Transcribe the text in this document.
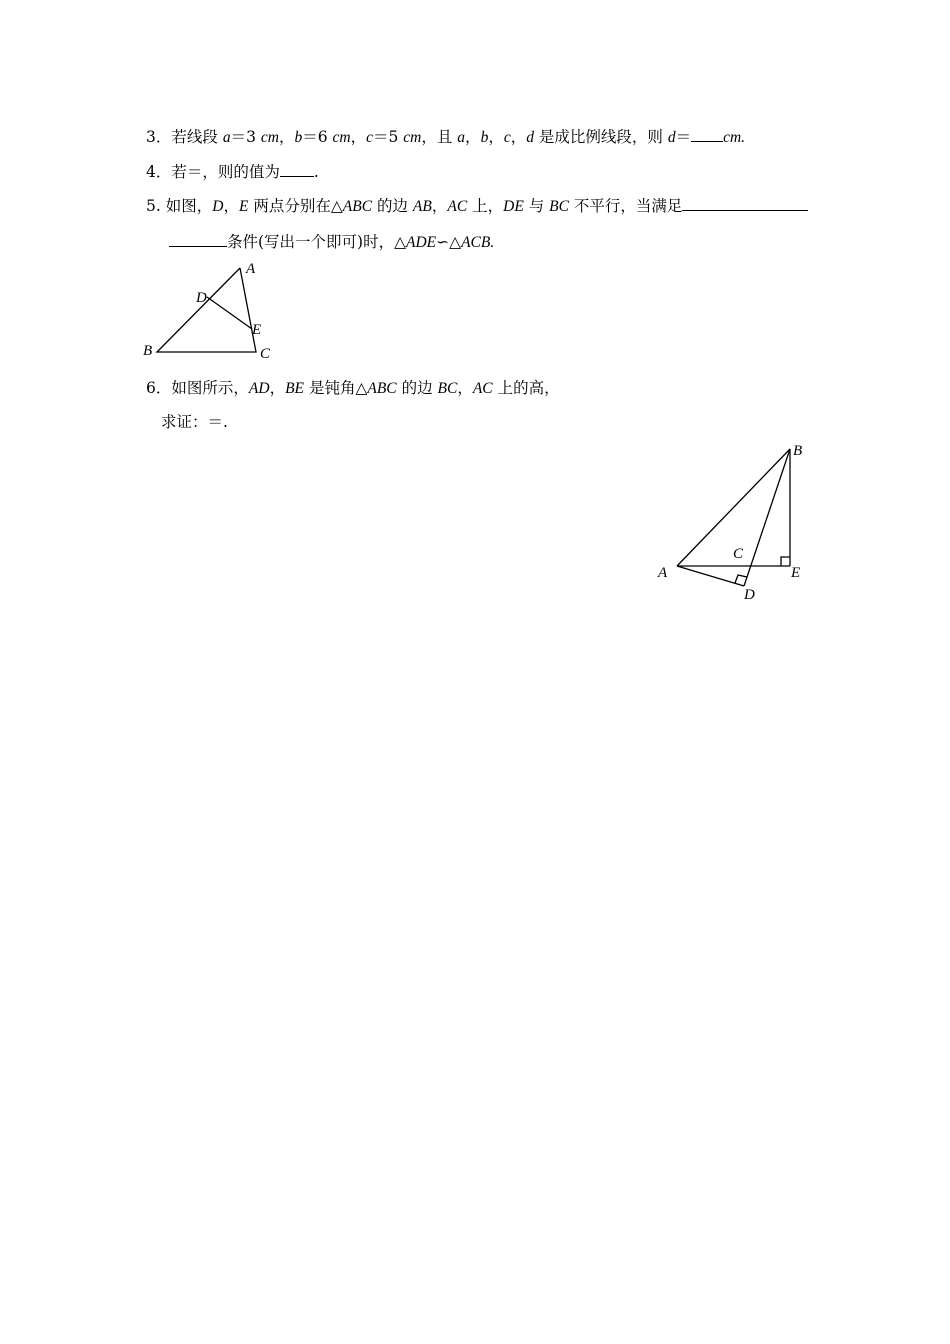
3．若线段 a＝3 cm，b＝6 cm，c＝5 cm，且 a，b，c，d 是成比例线段，则 d＝ cm.
4．若＝，则的值为 .
5. 如图，D，E 两点分别在△ABC 的边 AB，AC 上，DE 与 BC 不平行，当满足
条件(写出一个即可)时，△ADE∽△ACB.
A
D
E
B	C
6．如图所示，AD，BE 是钝角△ABC 的边 BC，AC 上的高，
求证：＝.
B
C
A	E
D
